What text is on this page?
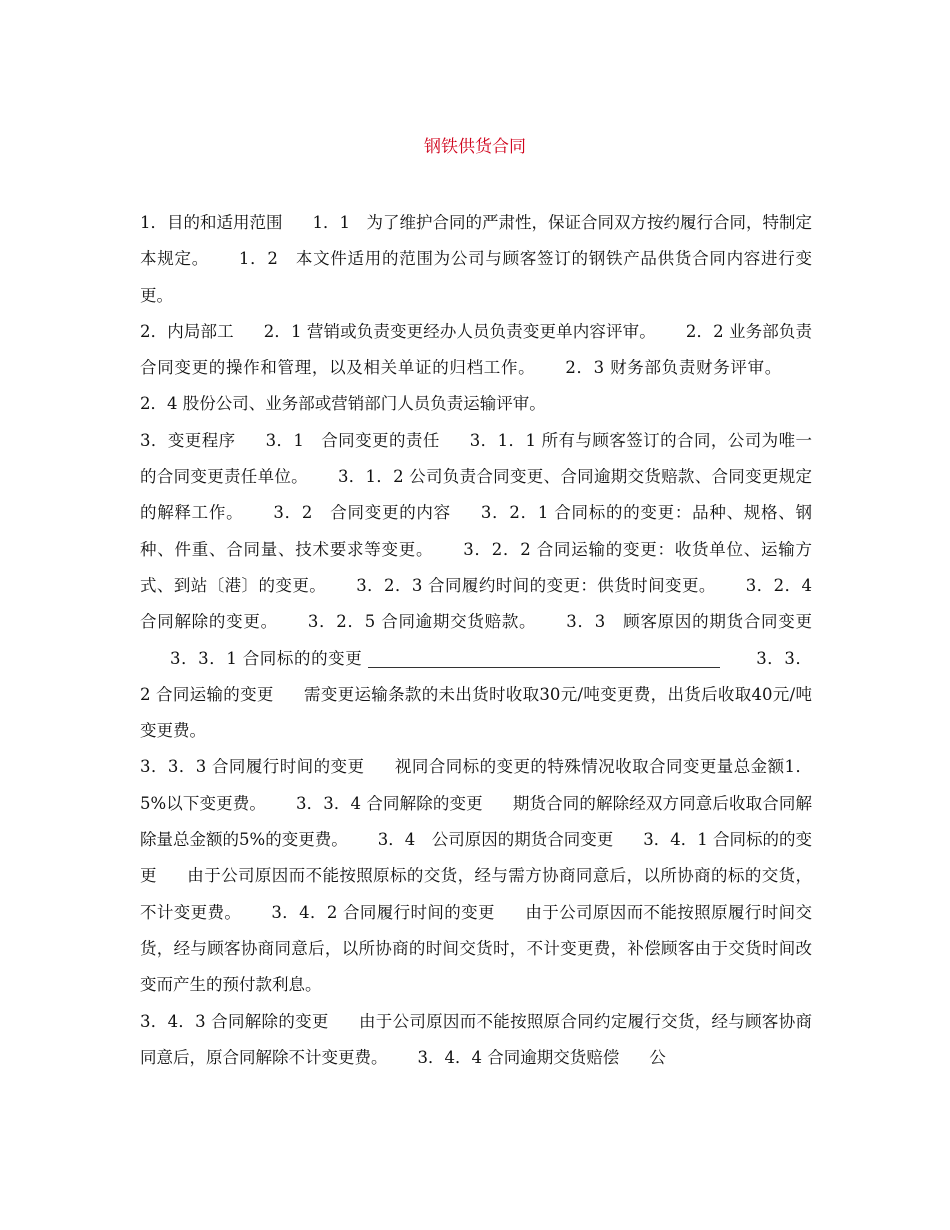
钢铁供货合同

1．目的和适用范围 1．1　为了维护合同的严肃性，保证合同双方按约履行合同，特制定本规定。 1．2　本文件适用的范围为公司与顾客签订的钢铁产品供货合同内容进行变更。

2．内局部工 2．1 营销或负责变更经办人员负责变更单内容评审。 2．2 业务部负责合同变更的操作和管理，以及相关单证的归档工作。 2．3 财务部负责财务评审。2．4 股份公司、业务部或营销部门人员负责运输评审。

3．变更程序 3．1　合同变更的责任 3．1．1 所有与顾客签订的合同，公司为唯一的合同变更责任单位。 3．1．2 公司负责合同变更、合同逾期交货赔款、合同变更规定的解释工作。 3．2　合同变更的内容 3．2．1 合同标的的变更：品种、规格、钢种、件重、合同量、技术要求等变更。 3．2．2 合同运输的变更：收货单位、运输方式、到站〔港〕的变更。 3．2．3 合同履约时间的变更：供货时间变更。 3．2．4 合同解除的变更。 3．2．5 合同逾期交货赔款。 3．3　顾客原因的期货合同变更3．3．1 合同标的的变更	3．3．2 合同运输的变更 需变更运输条款的未出货时收取30元/吨变更费，出货后收取40元/吨变更费。

3．3．3 合同履行时间的变更 视同合同标的变更的特殊情况收取合同变更量总金额1．5%以下变更费。 3．3．4 合同解除的变更 期货合同的解除经双方同意后收取合同解除量总金额的5%的变更费。 3．4　公司原因的期货合同变更 3．4．1 合同标的的变更 由于公司原因而不能按照原标的交货，经与需方协商同意后，以所协商的标的交货，不计变更费。 3．4．2 合同履行时间的变更 由于公司原因而不能按照原履行时间交货，经与顾客协商同意后，以所协商的时间交货时，不计变更费，补偿顾客由于交货时间改变而产生的预付款利息。

3．4．3 合同解除的变更 由于公司原因而不能按照原合同约定履行交货，经与顾客协商同意后，原合同解除不计变更费。 3．4．4 合同逾期交货赔偿 公
